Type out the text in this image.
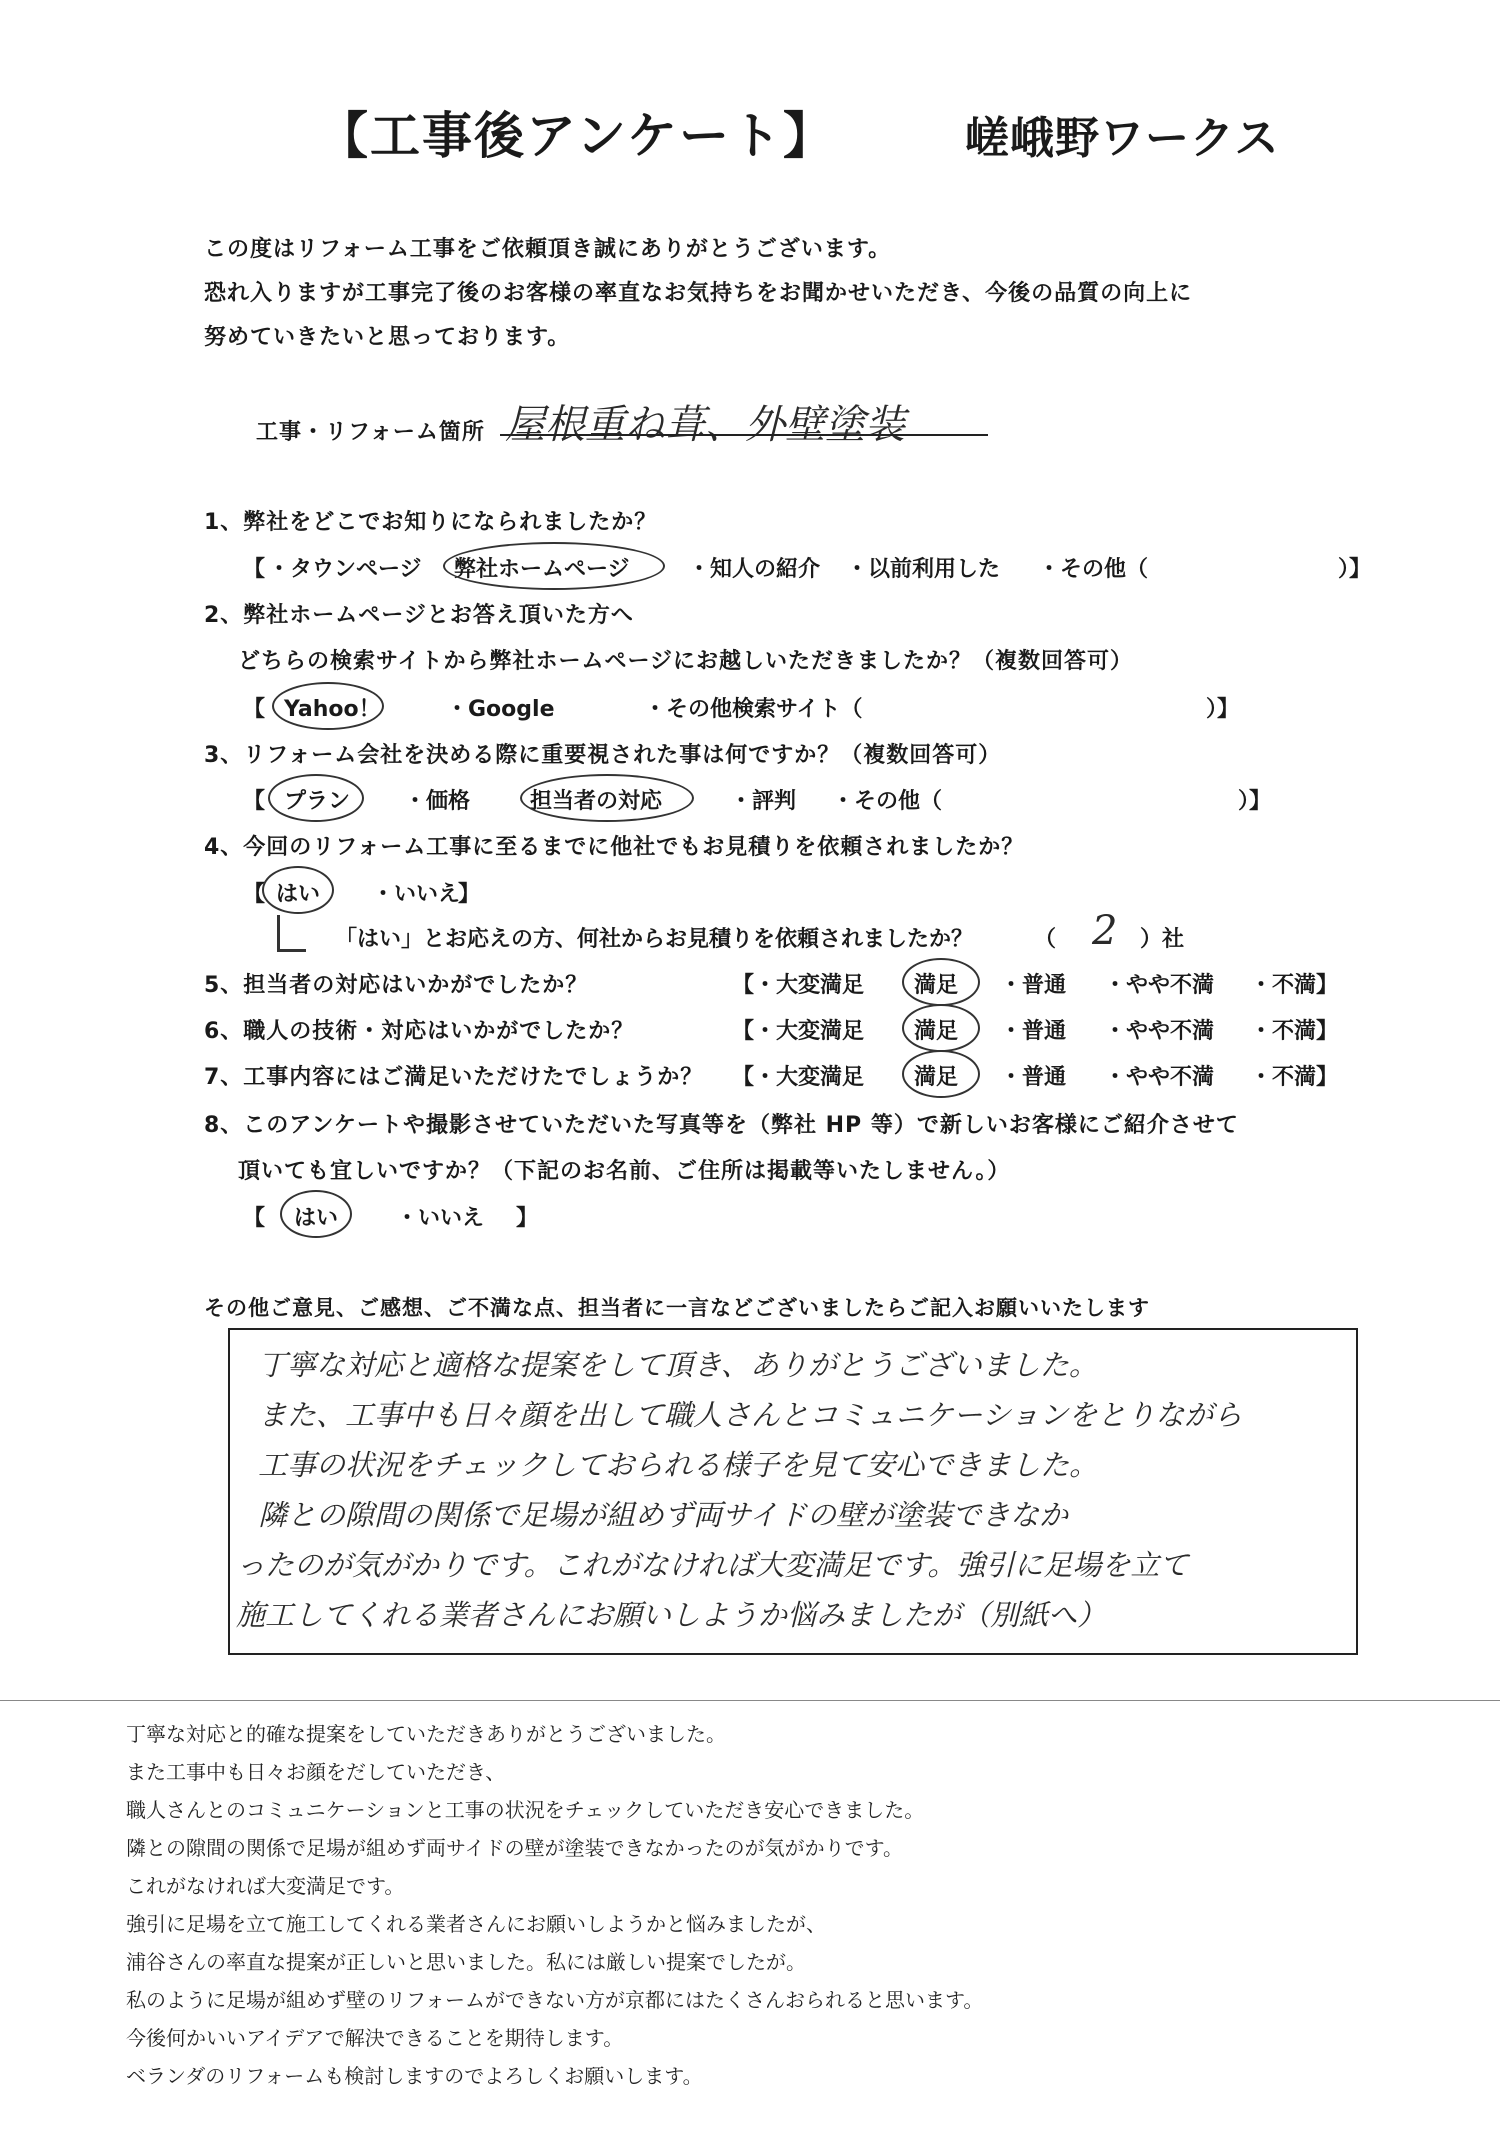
【工事後アンケート】	嵯峨野ワークス
この度はリフォーム工事をご依頼頂き誠にありがとうございます。
恐れ入りますが工事完了後のお客様の率直なお気持ちをお聞かせいただき、今後の品質の向上に
努めていきたいと思っております。
工事・リフォーム箇所 屋根重ね葺、外壁塗装
1、弊社をどこでお知りになられましたか？
【 ・タウンページ 弊社ホームページ	・知人の紹介 ・以前利用した ・その他（	）】
2、弊社ホームページとお答え頂いた方へ
どちらの検索サイトから弊社ホームページにお越しいただきましたか？（複数回答可）
【 Yahoo！	・Google	・その他検索サイト（	）】
3、リフォーム会社を決める際に重要視された事は何ですか？（複数回答可）
【 プラン ・価格	担当者の対応	・評判 ・その他（	）】
4、今回のリフォーム工事に至るまでに他社でもお見積りを依頼されましたか？
【 はい ・いいえ
】
「はい」とお応えの方、何社からお見積りを依頼されましたか？	（ 2 ）社
5、担当者の対応はいかがでしたか？	【・大変満足 満足 ・普通 ・やや不満 ・不満】
6、職人の技術・対応はいかがでしたか？	【・大変満足 満足 ・普通 ・やや不満 ・不満】
7、工事内容にはご満足いただけたでしょうか？ 【・大変満足 満足 ・普通 ・やや不満 ・不満】
8、このアンケートや撮影させていただいた写真等を（弊社 HP 等）で新しいお客様にご紹介させて
頂いても宜しいですか？（下記のお名前、ご住所は掲載等いたしません。）
【 はい	・いいえ 】
その他ご意見、ご感想、ご不満な点、担当者に一言などございましたらご記入お願いいたします
丁寧な対応と適格な提案をして頂き、ありがとうございました。
また、工事中も日々顔を出して職人さんとコミュニケーションをとりながら
工事の状況をチェックしておられる様子を見て安心できました。
隣との隙間の関係で足場が組めず両サイドの壁が塗装できなか
ったのが気がかりです。これがなければ大変満足です。強引に足場を立て
施工してくれる業者さんにお願いしようか悩みましたが（別紙へ）
丁寧な対応と的確な提案をしていただきありがとうございました。
また工事中も日々お顔をだしていただき、
職人さんとのコミュニケーションと工事の状況をチェックしていただき安心できました。
隣との隙間の関係で足場が組めず両サイドの壁が塗装できなかったのが気がかりです。
これがなければ大変満足です。
強引に足場を立て施工してくれる業者さんにお願いしようかと悩みましたが、
浦谷さんの率直な提案が正しいと思いました。私には厳しい提案でしたが。
私のように足場が組めず壁のリフォームができない方が京都にはたくさんおられると思います。
今後何かいいアイデアで解決できることを期待します。
ベランダのリフォームも検討しますのでよろしくお願いします。
